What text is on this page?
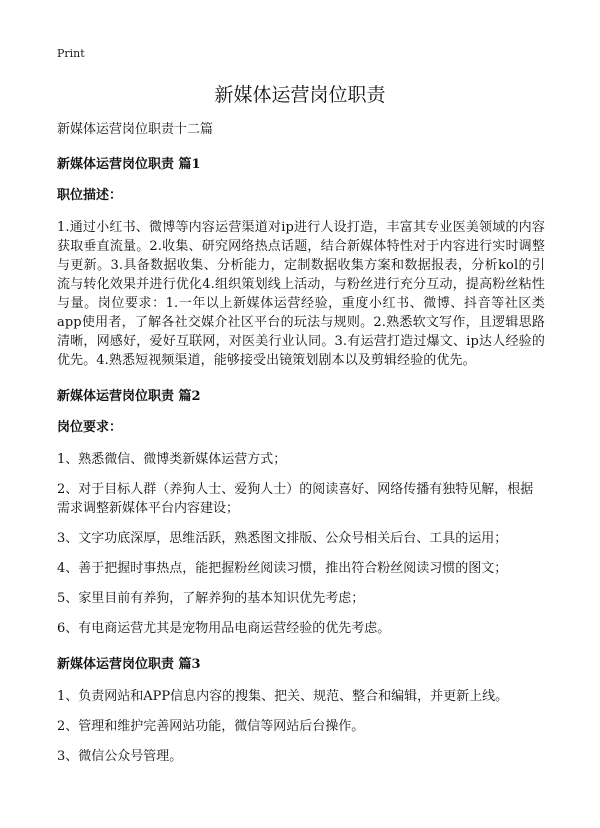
Print
新媒体运营岗位职责
新媒体运营岗位职责十二篇
新媒体运营岗位职责 篇1
职位描述：
1.通过小红书、微博等内容运营渠道对ip进行人设打造，丰富其专业医美领域的内容获取垂直流量。2.收集、研究网络热点话题，结合新媒体特性对于内容进行实时调整与更新。3.具备数据收集、分析能力，定制数据收集方案和数据报表，分析kol的引流与转化效果并进行优化4.组织策划线上活动，与粉丝进行充分互动，提高粉丝粘性与量。岗位要求：1.一年以上新媒体运营经验，重度小红书、微博、抖音等社区类app使用者，了解各社交媒介社区平台的玩法与规则。2.熟悉软文写作，且逻辑思路清晰，网感好，爱好互联网，对医美行业认同。3.有运营打造过爆文、ip达人经验的优先。4.熟悉短视频渠道，能够接受出镜策划剧本以及剪辑经验的优先。
新媒体运营岗位职责 篇2
岗位要求：
1、熟悉微信、微博类新媒体运营方式；
2、对于目标人群（养狗人士、爱狗人士）的阅读喜好、网络传播有独特见解，根据需求调整新媒体平台内容建设；
3、文字功底深厚，思维活跃，熟悉图文排版、公众号相关后台、工具的运用；
4、善于把握时事热点，能把握粉丝阅读习惯，推出符合粉丝阅读习惯的图文；
5、家里目前有养狗，了解养狗的基本知识优先考虑；
6、有电商运营尤其是宠物用品电商运营经验的优先考虑。
新媒体运营岗位职责 篇3
1、负责网站和APP信息内容的搜集、把关、规范、整合和编辑，并更新上线。
2、管理和维护完善网站功能，微信等网站后台操作。
3、微信公众号管理。
